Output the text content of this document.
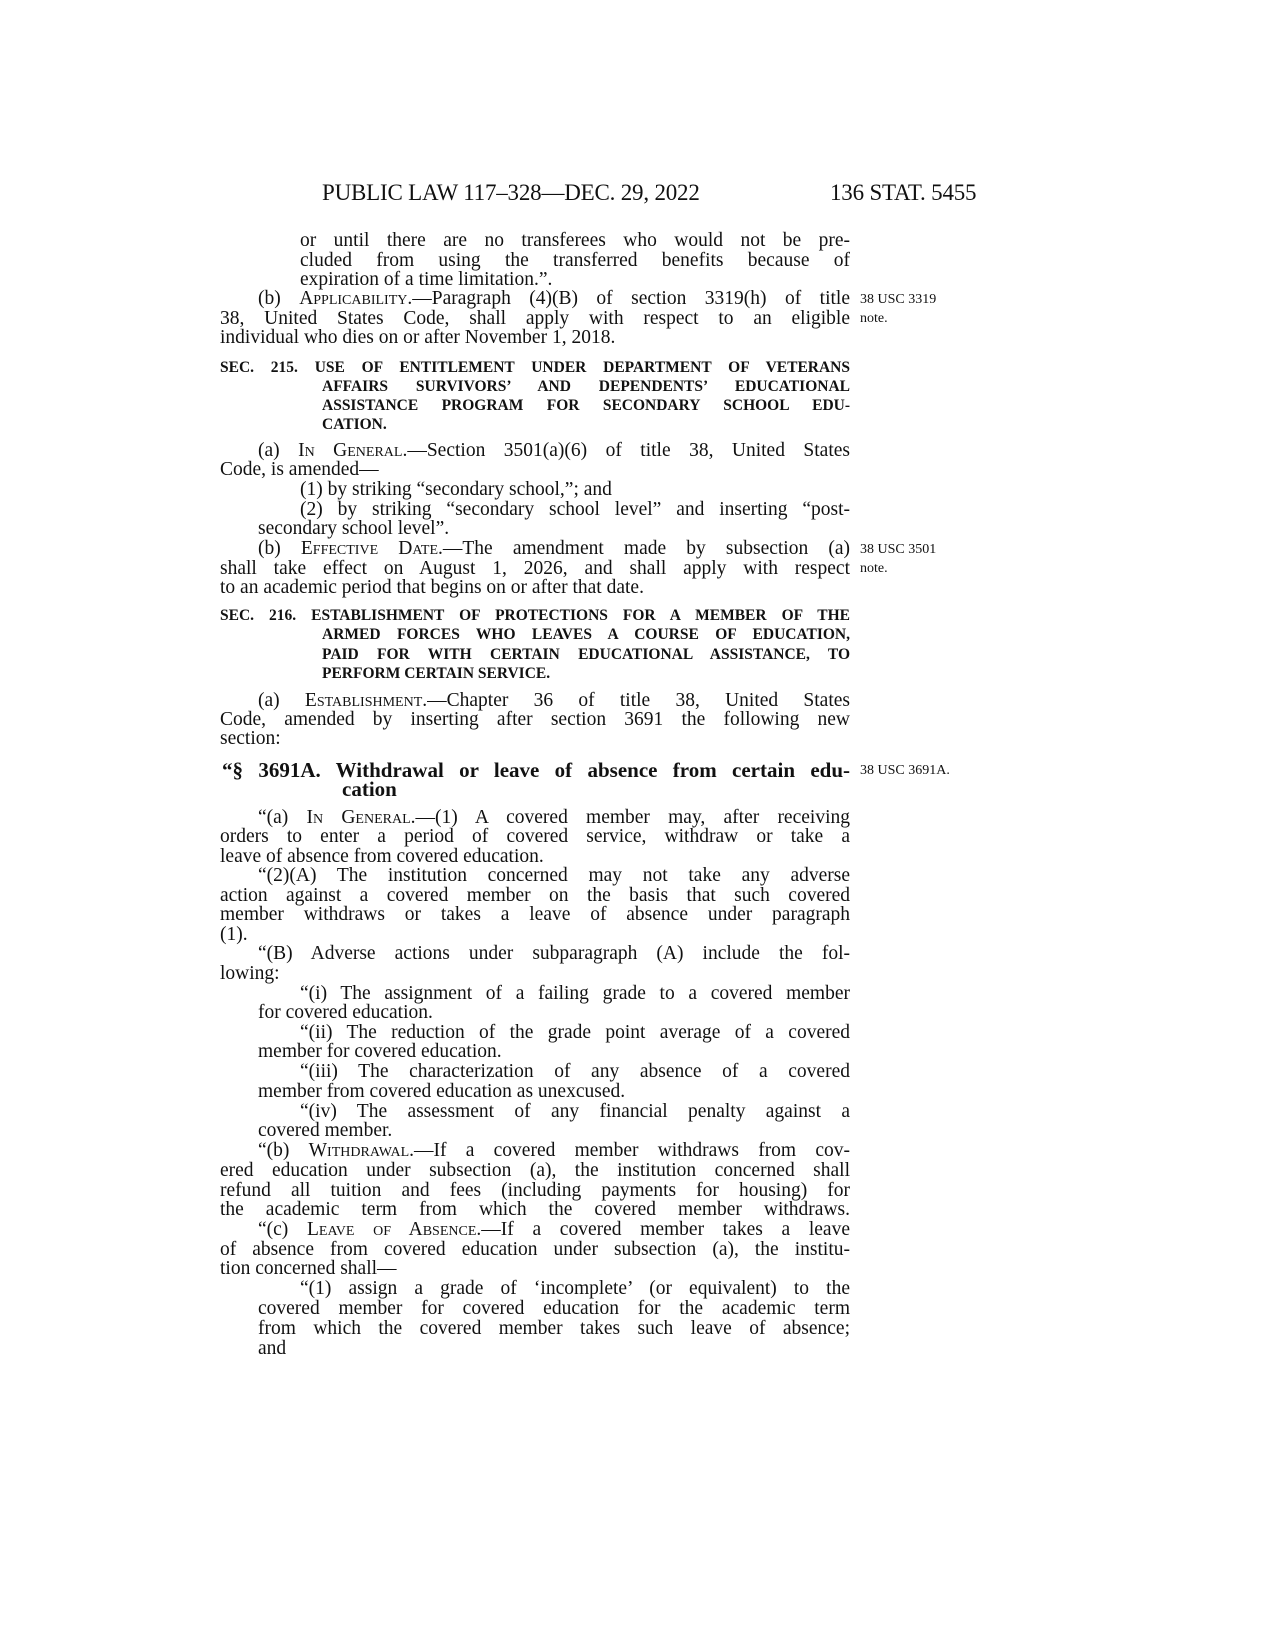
PUBLIC LAW 117–328—DEC. 29, 2022	136 STAT. 5455
or until there are no transferees who would not be pre-
cluded from using the transferred benefits because of
expiration of a time limitation.”.
(b) Applicability.—Paragraph (4)(B) of section 3319(h) of title
38, United States Code, shall apply with respect to an eligible
individual who dies on or after November 1, 2018.
38 USC 3319
note.
SEC. 215. USE OF ENTITLEMENT UNDER DEPARTMENT OF VETERANS
AFFAIRS SURVIVORS’ AND DEPENDENTS’ EDUCATIONAL
ASSISTANCE PROGRAM FOR SECONDARY SCHOOL EDU-
CATION.
(a) In General.—Section 3501(a)(6) of title 38, United States
Code, is amended—
(1) by striking “secondary school,”; and
(2) by striking “secondary school level” and inserting “post-
secondary school level”.
(b) Effective Date.—The amendment made by subsection (a)
shall take effect on August 1, 2026, and shall apply with respect
to an academic period that begins on or after that date.
38 USC 3501
note.
SEC. 216. ESTABLISHMENT OF PROTECTIONS FOR A MEMBER OF THE
ARMED FORCES WHO LEAVES A COURSE OF EDUCATION,
PAID FOR WITH CERTAIN EDUCATIONAL ASSISTANCE, TO
PERFORM CERTAIN SERVICE.
(a) Establishment.—Chapter 36 of title 38, United States
Code, amended by inserting after section 3691 the following new
section:
“§ 3691A. Withdrawal or leave of absence from certain edu-
cation
38 USC 3691A.
“(a) In General.—(1) A covered member may, after receiving
orders to enter a period of covered service, withdraw or take a
leave of absence from covered education.
“(2)(A) The institution concerned may not take any adverse
action against a covered member on the basis that such covered
member withdraws or takes a leave of absence under paragraph
(1).
“(B) Adverse actions under subparagraph (A) include the fol-
lowing:
“(i) The assignment of a failing grade to a covered member
for covered education.
“(ii) The reduction of the grade point average of a covered
member for covered education.
“(iii) The characterization of any absence of a covered
member from covered education as unexcused.
“(iv) The assessment of any financial penalty against a
covered member.
“(b) Withdrawal.—If a covered member withdraws from cov-
ered education under subsection (a), the institution concerned shall
refund all tuition and fees (including payments for housing) for
the academic term from which the covered member withdraws.
“(c) Leave of Absence.—If a covered member takes a leave
of absence from covered education under subsection (a), the institu-
tion concerned shall—
“(1) assign a grade of ‘incomplete’ (or equivalent) to the
covered member for covered education for the academic term
from which the covered member takes such leave of absence;
and
